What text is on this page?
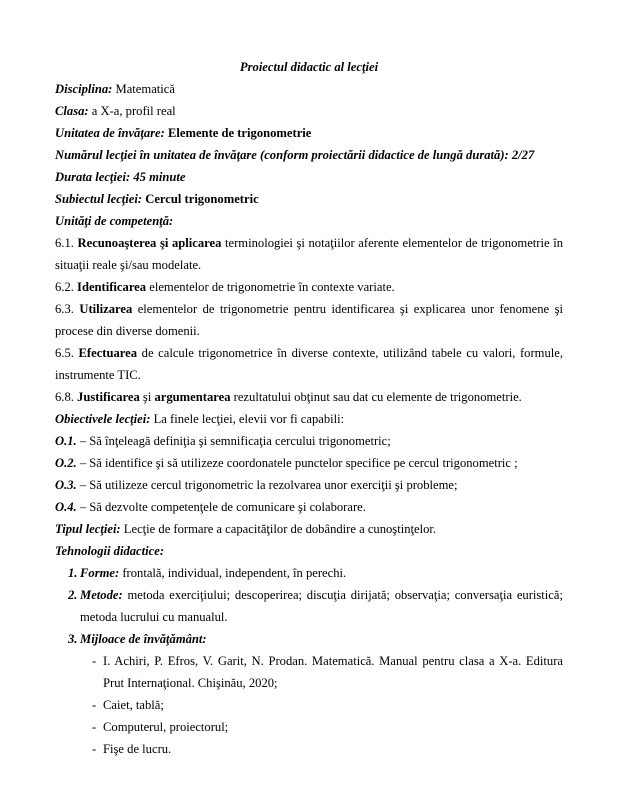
Proiectul didactic al lecţiei
Disciplina: Matematică
Clasa: a X-a, profil real
Unitatea de învăţare: Elemente de trigonometrie
Numărul lecţiei în unitatea de învăţare (conform proiectării didactice de lungă durată): 2/27
Durata lecţiei: 45 minute
Subiectul lecţiei: Cercul trigonometric
Unităţi de competenţă:
6.1. Recunoaşterea şi aplicarea terminologiei şi notaţiilor aferente elementelor de trigonometrie în situaţii reale şi/sau modelate.
6.2. Identificarea elementelor de trigonometrie în contexte variate.
6.3. Utilizarea elementelor de trigonometrie pentru identificarea şi explicarea unor fenomene şi procese din diverse domenii.
6.5. Efectuarea de calcule trigonometrice în diverse contexte, utilizând tabele cu valori, formule, instrumente TIC.
6.8. Justificarea şi argumentarea rezultatului obţinut sau dat cu elemente de trigonometrie.
Obiectivele lecţiei: La finele lecţiei, elevii vor fi capabili:
O.1. – Să înţeleagă definiţia şi semnificaţia cercului trigonometric;
O.2. – Să identifice şi să utilizeze coordonatele punctelor specifice pe cercul trigonometric ;
O.3. – Să utilizeze cercul trigonometric la rezolvarea unor exerciţii şi probleme;
O.4. – Să dezvolte competenţele de comunicare şi colaborare.
Tipul lecţiei: Lecţie de formare a capacităţilor de dobândire a cunoştinţelor.
Tehnologii didactice:
1. Forme: frontală, individual, independent, în perechi.
2. Metode: metoda exerciţiului; descoperirea; discuţia dirijată; observaţia; conversaţia euristică; metoda lucrului cu manualul.
3. Mijloace de învăţământ:
- I. Achiri, P. Efros, V. Garit, N. Prodan. Matematică. Manual pentru clasa a X-a. Editura Prut Internaţional. Chişinău, 2020;
- Caiet, tablă;
- Computerul, proiectorul;
- Fişe de lucru.
